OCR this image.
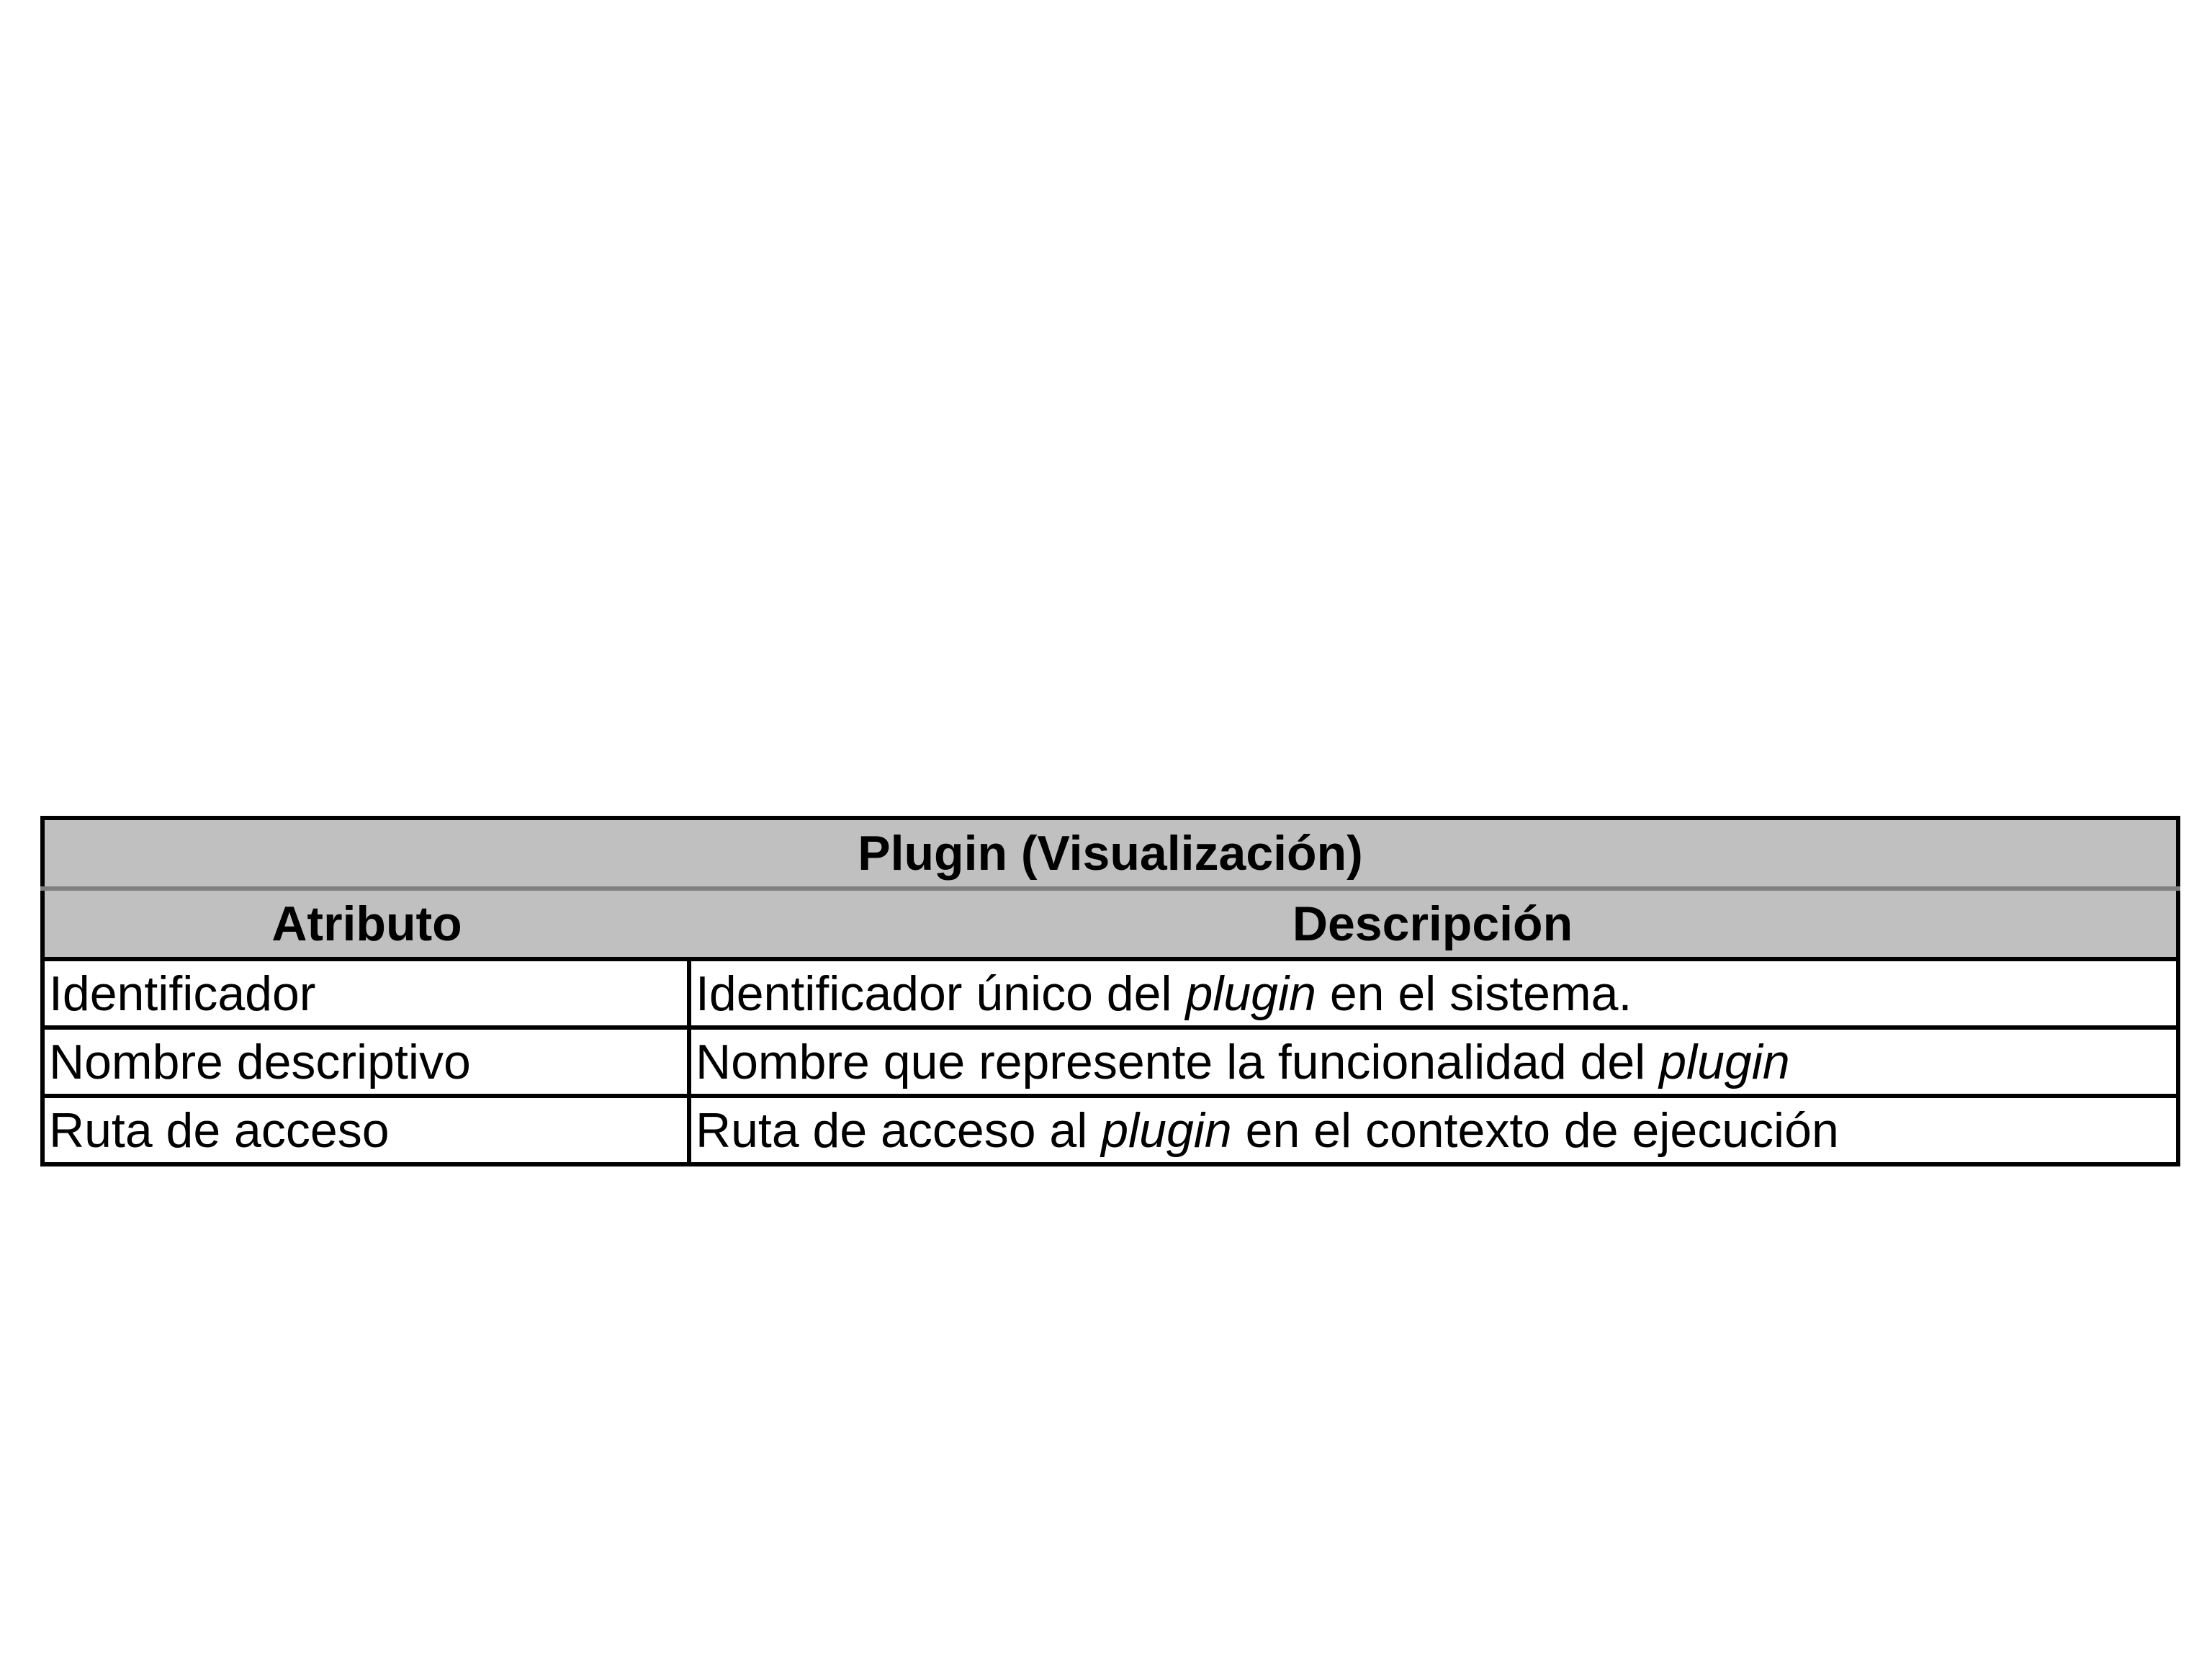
Plugin (Visualización)	
Atributo	Descripción
Identificador	Identificador único del plugin en el sistema.
Nombre descriptivo	Nombre que represente la funcionalidad del plugin
Ruta de acceso	Ruta de acceso al plugin en el contexto de ejecución
